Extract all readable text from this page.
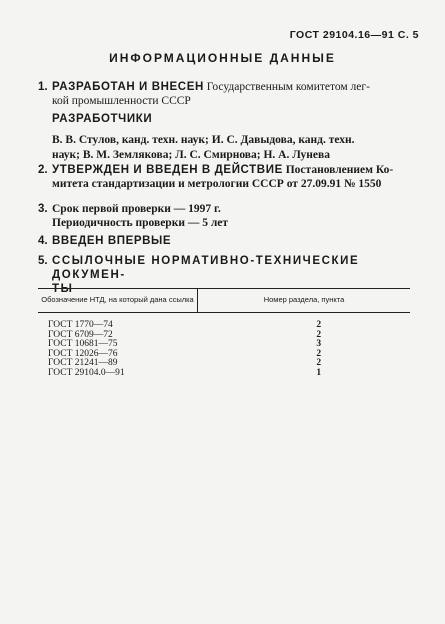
ГОСТ 29104.16—91 С. 5
ИНФОРМАЦИОННЫЕ ДАННЫЕ
1. РАЗРАБОТАН И ВНЕСЕН Государственным комитетом лег-
кой промышленности СССР
РАЗРАБОТЧИКИ
В. В. Стулов, канд. техн. наук; И. С. Давыдова, канд. техн.
наук; В. М. Землякова; Л. С. Смирнова; Н. А. Лунева
2. УТВЕРЖДЕН И ВВЕДЕН В ДЕЙСТВИЕ Постановлением Ко-
митета стандартизации и метрологии СССР от 27.09.91 № 1550
3. Срок первой проверки — 1997 г.
Периодичность проверки — 5 лет
4. ВВЕДЕН ВПЕРВЫЕ
5. ССЫЛОЧНЫЕ НОРМАТИВНО-ТЕХНИЧЕСКИЕ ДОКУМЕН-
ТЫ
Обозначение НТД, на который дана ссылка	Номер раздела, пункта
ГОСТ 1770—74	2
ГОСТ 6709—72	2
ГОСТ 10681—75	3
ГОСТ 12026—76	2
ГОСТ 21241—89	2
ГОСТ 29104.0—91	1
